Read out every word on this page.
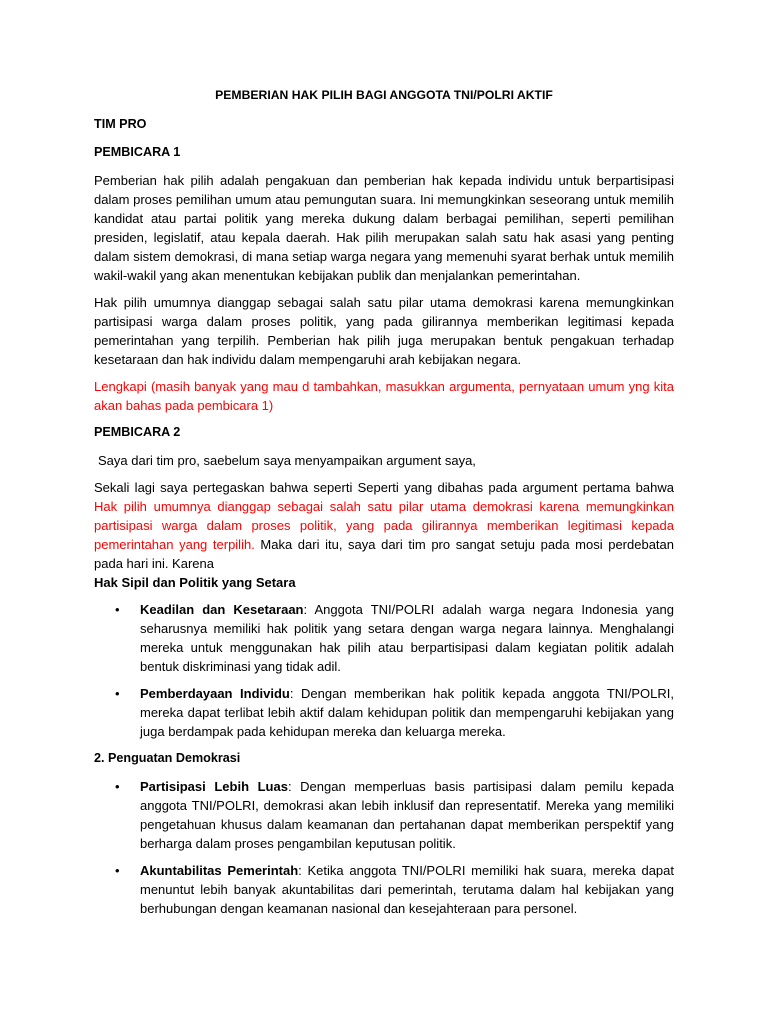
PEMBERIAN HAK PILIH BAGI ANGGOTA TNI/POLRI AKTIF
TIM PRO
PEMBICARA 1

Pemberian hak pilih adalah pengakuan dan pemberian hak kepada individu untuk berpartisipasi dalam proses pemilihan umum atau pemungutan suara. Ini memungkinkan seseorang untuk memilih kandidat atau partai politik yang mereka dukung dalam berbagai pemilihan, seperti pemilihan presiden, legislatif, atau kepala daerah. Hak pilih merupakan salah satu hak asasi yang penting dalam sistem demokrasi, di mana setiap warga negara yang memenuhi syarat berhak untuk memilih wakil-wakil yang akan menentukan kebijakan publik dan menjalankan pemerintahan.

Hak pilih umumnya dianggap sebagai salah satu pilar utama demokrasi karena memungkinkan partisipasi warga dalam proses politik, yang pada gilirannya memberikan legitimasi kepada pemerintahan yang terpilih. Pemberian hak pilih juga merupakan bentuk pengakuan terhadap kesetaraan dan hak individu dalam mempengaruhi arah kebijakan negara.

Lengkapi (masih banyak yang mau d tambahkan, masukkan argumenta, pernyataan umum yng kita akan bahas pada pembicara 1)

PEMBICARA 2

Saya dari tim pro, saebelum saya menyampaikan argument saya,

Sekali lagi saya pertegaskan bahwa seperti Seperti yang dibahas pada argument pertama bahwa Hak pilih umumnya dianggap sebagai salah satu pilar utama demokrasi karena memungkinkan partisipasi warga dalam proses politik, yang pada gilirannya memberikan legitimasi kepada pemerintahan yang terpilih. Maka dari itu, saya dari tim pro sangat setuju pada mosi perdebatan pada hari ini. Karena
Hak Sipil dan Politik yang Setara

• Keadilan dan Kesetaraan: Anggota TNI/POLRI adalah warga negara Indonesia yang seharusnya memiliki hak politik yang setara dengan warga negara lainnya. Menghalangi mereka untuk menggunakan hak pilih atau berpartisipasi dalam kegiatan politik adalah bentuk diskriminasi yang tidak adil.
• Pemberdayaan Individu: Dengan memberikan hak politik kepada anggota TNI/POLRI, mereka dapat terlibat lebih aktif dalam kehidupan politik dan mempengaruhi kebijakan yang juga berdampak pada kehidupan mereka dan keluarga mereka.
2. Penguatan Demokrasi
• Partisipasi Lebih Luas: Dengan memperluas basis partisipasi dalam pemilu kepada anggota TNI/POLRI, demokrasi akan lebih inklusif dan representatif. Mereka yang memiliki pengetahuan khusus dalam keamanan dan pertahanan dapat memberikan perspektif yang berharga dalam proses pengambilan keputusan politik.
• Akuntabilitas Pemerintah: Ketika anggota TNI/POLRI memiliki hak suara, mereka dapat menuntut lebih banyak akuntabilitas dari pemerintah, terutama dalam hal kebijakan yang berhubungan dengan keamanan nasional dan kesejahteraan para personel.
